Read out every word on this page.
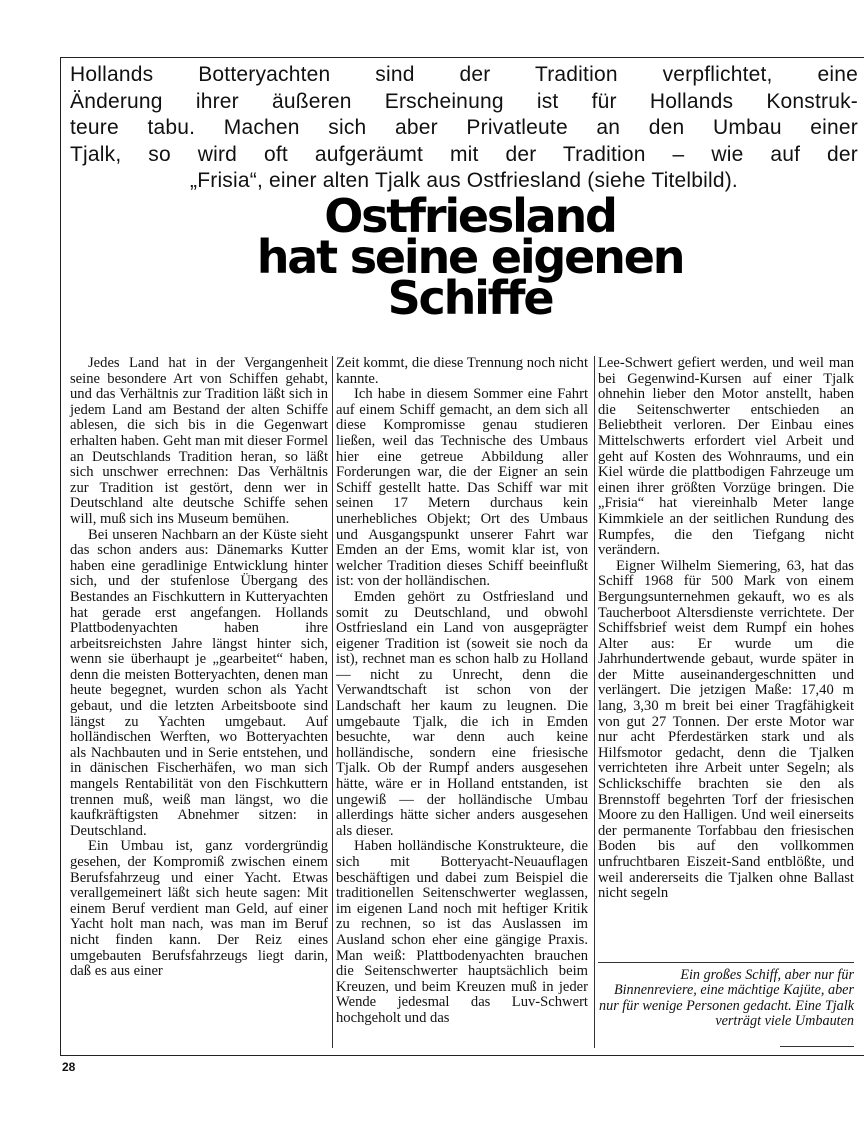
Hollands Botteryachten sind der Tradition verpflichtet, eine
Änderung ihrer äußeren Erscheinung ist für Hollands Konstruk-
teure tabu. Machen sich aber Privatleute an den Umbau einer
Tjalk, so wird oft aufgeräumt mit der Tradition – wie auf der
„Frisia“, einer alten Tjalk aus Ostfriesland (siehe Titelbild).
Ostfriesland
hat seine eigenen
Schiffe

Jedes Land hat in der Vergangenheit seine besondere Art von Schiffen gehabt, und das Verhältnis zur Tradition läßt sich in jedem Land am Bestand der alten Schiffe ablesen, die sich bis in die Gegenwart erhalten haben. Geht man mit dieser Formel an Deutschlands Tradition heran, so läßt sich unschwer errechnen: Das Verhältnis zur Tradition ist gestört, denn wer in Deutschland alte deutsche Schiffe sehen will, muß sich ins Museum bemühen.

Bei unseren Nachbarn an der Küste sieht das schon anders aus: Dänemarks Kutter haben eine geradlinige Entwicklung hinter sich, und der stufenlose Übergang des Bestandes an Fischkuttern in Kutteryachten hat gerade erst angefangen. Hollands Plattbodenyachten haben ihre arbeitsreichsten Jahre längst hinter sich, wenn sie überhaupt je „gearbeitet“ haben, denn die meisten Botteryachten, denen man heute begegnet, wurden schon als Yacht gebaut, und die letzten Arbeitsboote sind längst zu Yachten umgebaut. Auf holländischen Werften, wo Botteryachten als Nachbauten und in Serie entstehen, und in dänischen Fischerhäfen, wo man sich mangels Rentabilität von den Fischkuttern trennen muß, weiß man längst, wo die kaufkräftigsten Abnehmer sitzen: in Deutschland.

Ein Umbau ist, ganz vordergründig gesehen, der Kompromiß zwischen einem Berufsfahrzeug und einer Yacht. Etwas verallgemeinert läßt sich heute sagen: Mit einem Beruf verdient man Geld, auf einer Yacht holt man nach, was man im Beruf nicht finden kann. Der Reiz eines umgebauten Berufsfahrzeugs liegt darin, daß es aus einer

Zeit kommt, die diese Trennung noch nicht kannte.

Ich habe in diesem Sommer eine Fahrt auf einem Schiff gemacht, an dem sich all diese Kompromisse genau studieren ließen, weil das Technische des Umbaus hier eine getreue Abbildung aller Forderungen war, die der Eigner an sein Schiff gestellt hatte. Das Schiff war mit seinen 17 Metern durchaus kein unerhebliches Objekt; Ort des Umbaus und Ausgangspunkt unserer Fahrt war Emden an der Ems, womit klar ist, von welcher Tradition dieses Schiff beeinflußt ist: von der holländischen.

Emden gehört zu Ostfriesland und somit zu Deutschland, und obwohl Ostfriesland ein Land von ausgeprägter eigener Tradition ist (soweit sie noch da ist), rechnet man es schon halb zu Holland — nicht zu Unrecht, denn die Verwandtschaft ist schon von der Landschaft her kaum zu leugnen. Die umgebaute Tjalk, die ich in Emden besuchte, war denn auch keine holländische, sondern eine friesische Tjalk. Ob der Rumpf anders ausgesehen hätte, wäre er in Holland entstanden, ist ungewiß — der holländische Umbau allerdings hätte sicher anders ausgesehen als dieser.

Haben holländische Konstrukteure, die sich mit Botteryacht-Neuauflagen beschäftigen und dabei zum Beispiel die traditionellen Seitenschwerter weglassen, im eigenen Land noch mit heftiger Kritik zu rechnen, so ist das Auslassen im Ausland schon eher eine gängige Praxis. Man weiß: Plattbodenyachten brauchen die Seitenschwerter hauptsächlich beim Kreuzen, und beim Kreuzen muß in jeder Wende jedesmal das Luv-Schwert hochgeholt und das

Lee-Schwert gefiert werden, und weil man bei Gegenwind-Kursen auf einer Tjalk ohnehin lieber den Motor anstellt, haben die Seitenschwerter entschieden an Beliebtheit verloren. Der Einbau eines Mittelschwerts erfordert viel Arbeit und geht auf Kosten des Wohnraums, und ein Kiel würde die plattbodigen Fahrzeuge um einen ihrer größten Vorzüge bringen. Die „Frisia“ hat viereinhalb Meter lange Kimmkiele an der seitlichen Rundung des Rumpfes, die den Tiefgang nicht verändern.

Eigner Wilhelm Siemering, 63, hat das Schiff 1968 für 500 Mark von einem Bergungsunternehmen gekauft, wo es als Taucherboot Altersdienste verrichtete. Der Schiffsbrief weist dem Rumpf ein hohes Alter aus: Er wurde um die Jahrhundertwende gebaut, wurde später in der Mitte auseinandergeschnitten und verlängert. Die jetzigen Maße: 17,40 m lang, 3,30 m breit bei einer Tragfähigkeit von gut 27 Tonnen. Der erste Motor war nur acht Pferdestärken stark und als Hilfsmotor gedacht, denn die Tjalken verrichteten ihre Arbeit unter Segeln; als Schlickschiffe brachten sie den als Brennstoff begehrten Torf der friesischen Moore zu den Halligen. Und weil einerseits der permanente Torfabbau den friesischen Boden bis auf den vollkommen unfruchtbaren Eiszeit-Sand entblößte, und weil andererseits die Tjalken ohne Ballast nicht segeln

Ein großes Schiff, aber nur für Binnenreviere, eine mächtige Kajüte, aber nur für wenige Personen gedacht. Eine Tjalk verträgt viele Umbauten
28
